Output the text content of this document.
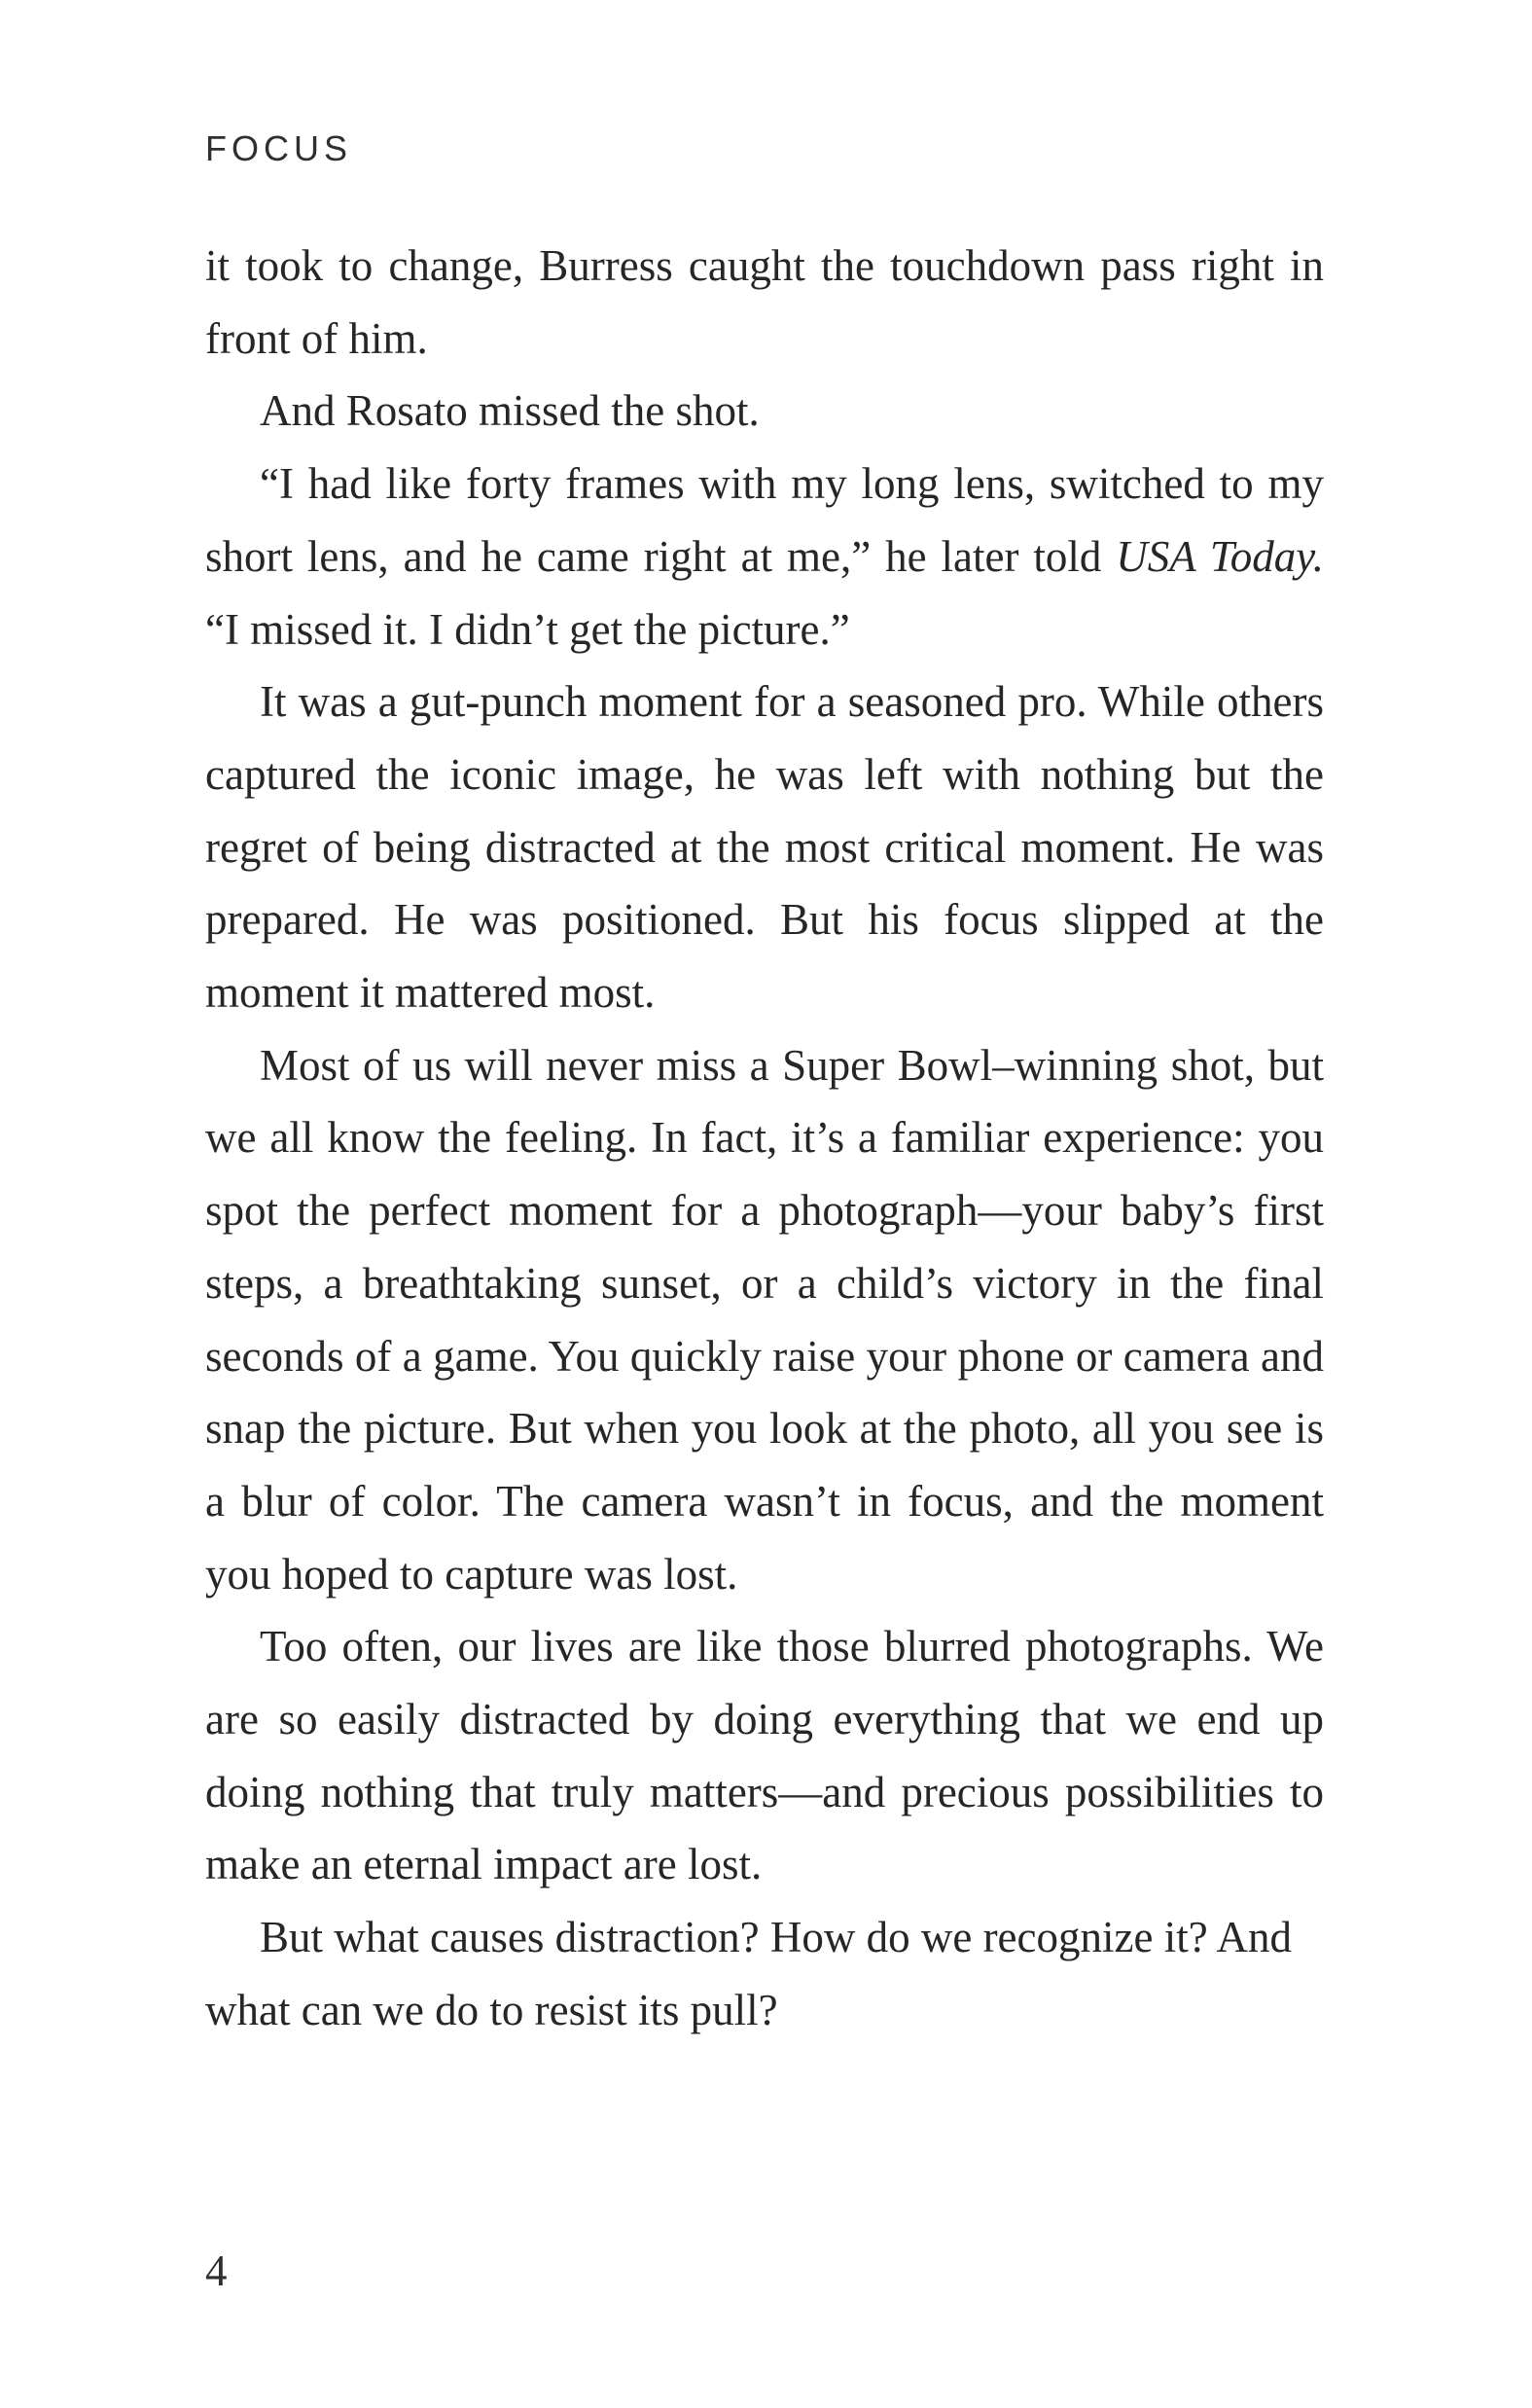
FOCUS

it took to change, Burress caught the touchdown pass right in front of him.

And Rosato missed the shot.

“I had like forty frames with my long lens, switched to my short lens, and he came right at me,” he later told USA Today. “I missed it. I didn’t get the picture.”

It was a gut-punch moment for a seasoned pro. While others captured the iconic image, he was left with nothing but the regret of being distracted at the most critical moment. He was prepared. He was positioned. But his focus slipped at the moment it mattered most.

Most of us will never miss a Super Bowl–winning shot, but we all know the feeling. In fact, it’s a familiar experience: you spot the perfect moment for a photograph—your baby’s first steps, a breathtaking sunset, or a child’s victory in the final seconds of a game. You quickly raise your phone or camera and snap the picture. But when you look at the photo, all you see is a blur of color. The camera wasn’t in focus, and the moment you hoped to capture was lost.

Too often, our lives are like those blurred photographs. We are so easily distracted by doing everything that we end up doing nothing that truly matters—and precious possibilities to make an eternal impact are lost.

But what causes distraction? How do we recognize it? And what can we do to resist its pull?

4
